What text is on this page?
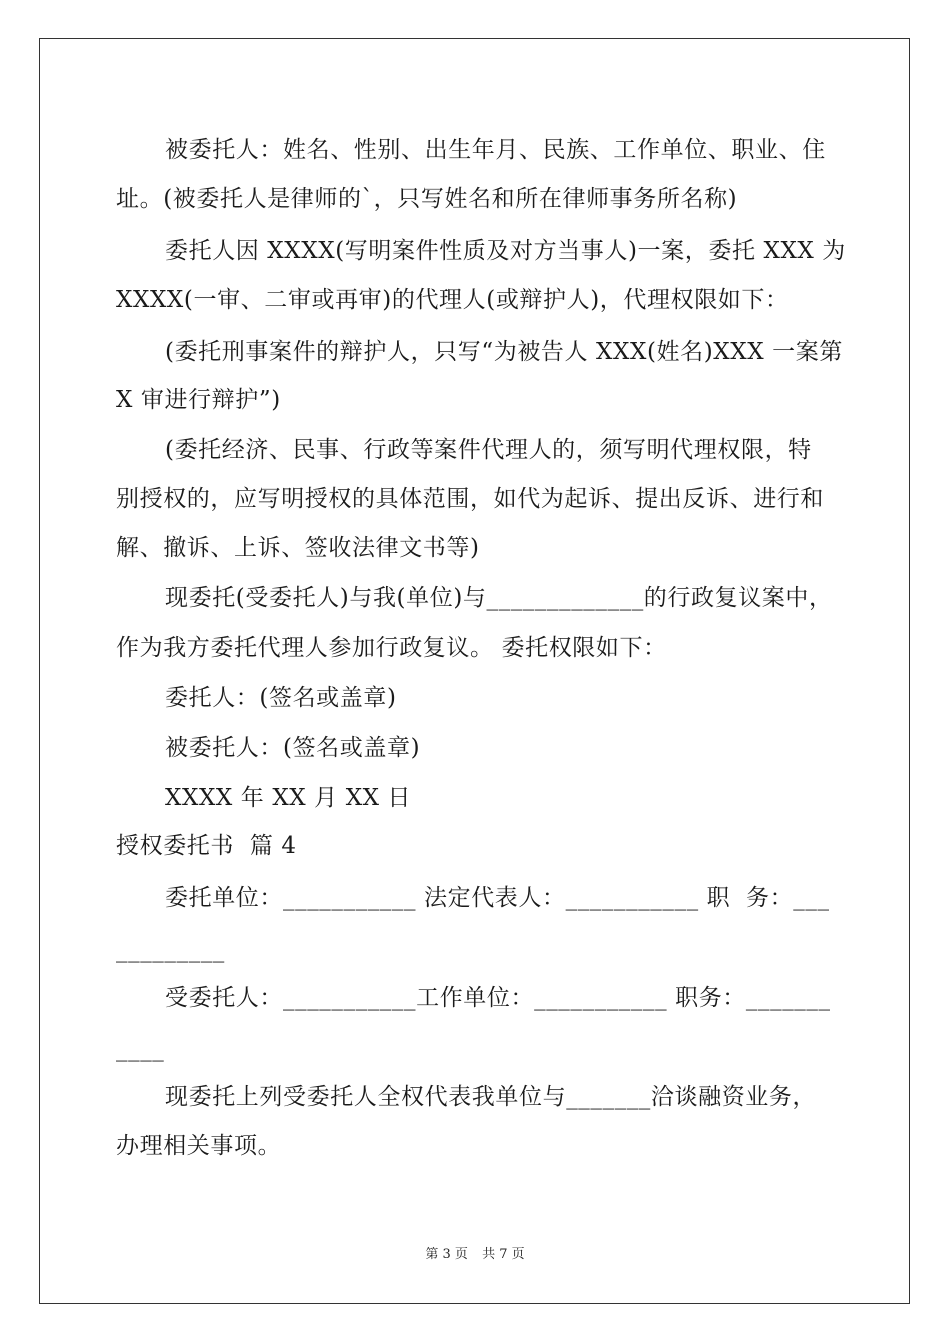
被委托人：姓名、性别、出生年月、民族、工作单位、职业、住
址。(被委托人是律师的`，只写姓名和所在律师事务所名称)
委托人因 XXXX(写明案件性质及对方当事人)一案，委托 XXX 为
XXXX(一审、二审或再审)的代理人(或辩护人)，代理权限如下：
(委托刑事案件的辩护人，只写“为被告人 XXX(姓名)XXX 一案第
X 审进行辩护”)
(委托经济、民事、行政等案件代理人的，须写明代理权限，特
别授权的，应写明授权的具体范围，如代为起诉、提出反诉、进行和
解、撤诉、上诉、签收法律文书等)
现委托(受委托人)与我(单位)与_____________的行政复议案中，
作为我方委托代理人参加行政复议。 委托权限如下：
委托人：(签名或盖章)
被委托人：(签名或盖章)
XXXX 年 XX 月 XX 日
授权委托书  篇 4
委托单位：___________ 法定代表人：___________ 职  务：___
_________
受委托人：___________工作单位：___________ 职务：_______
____
现委托上列受委托人全权代表我单位与_______洽谈融资业务，
办理相关事项。
第 3 页 共 7 页
